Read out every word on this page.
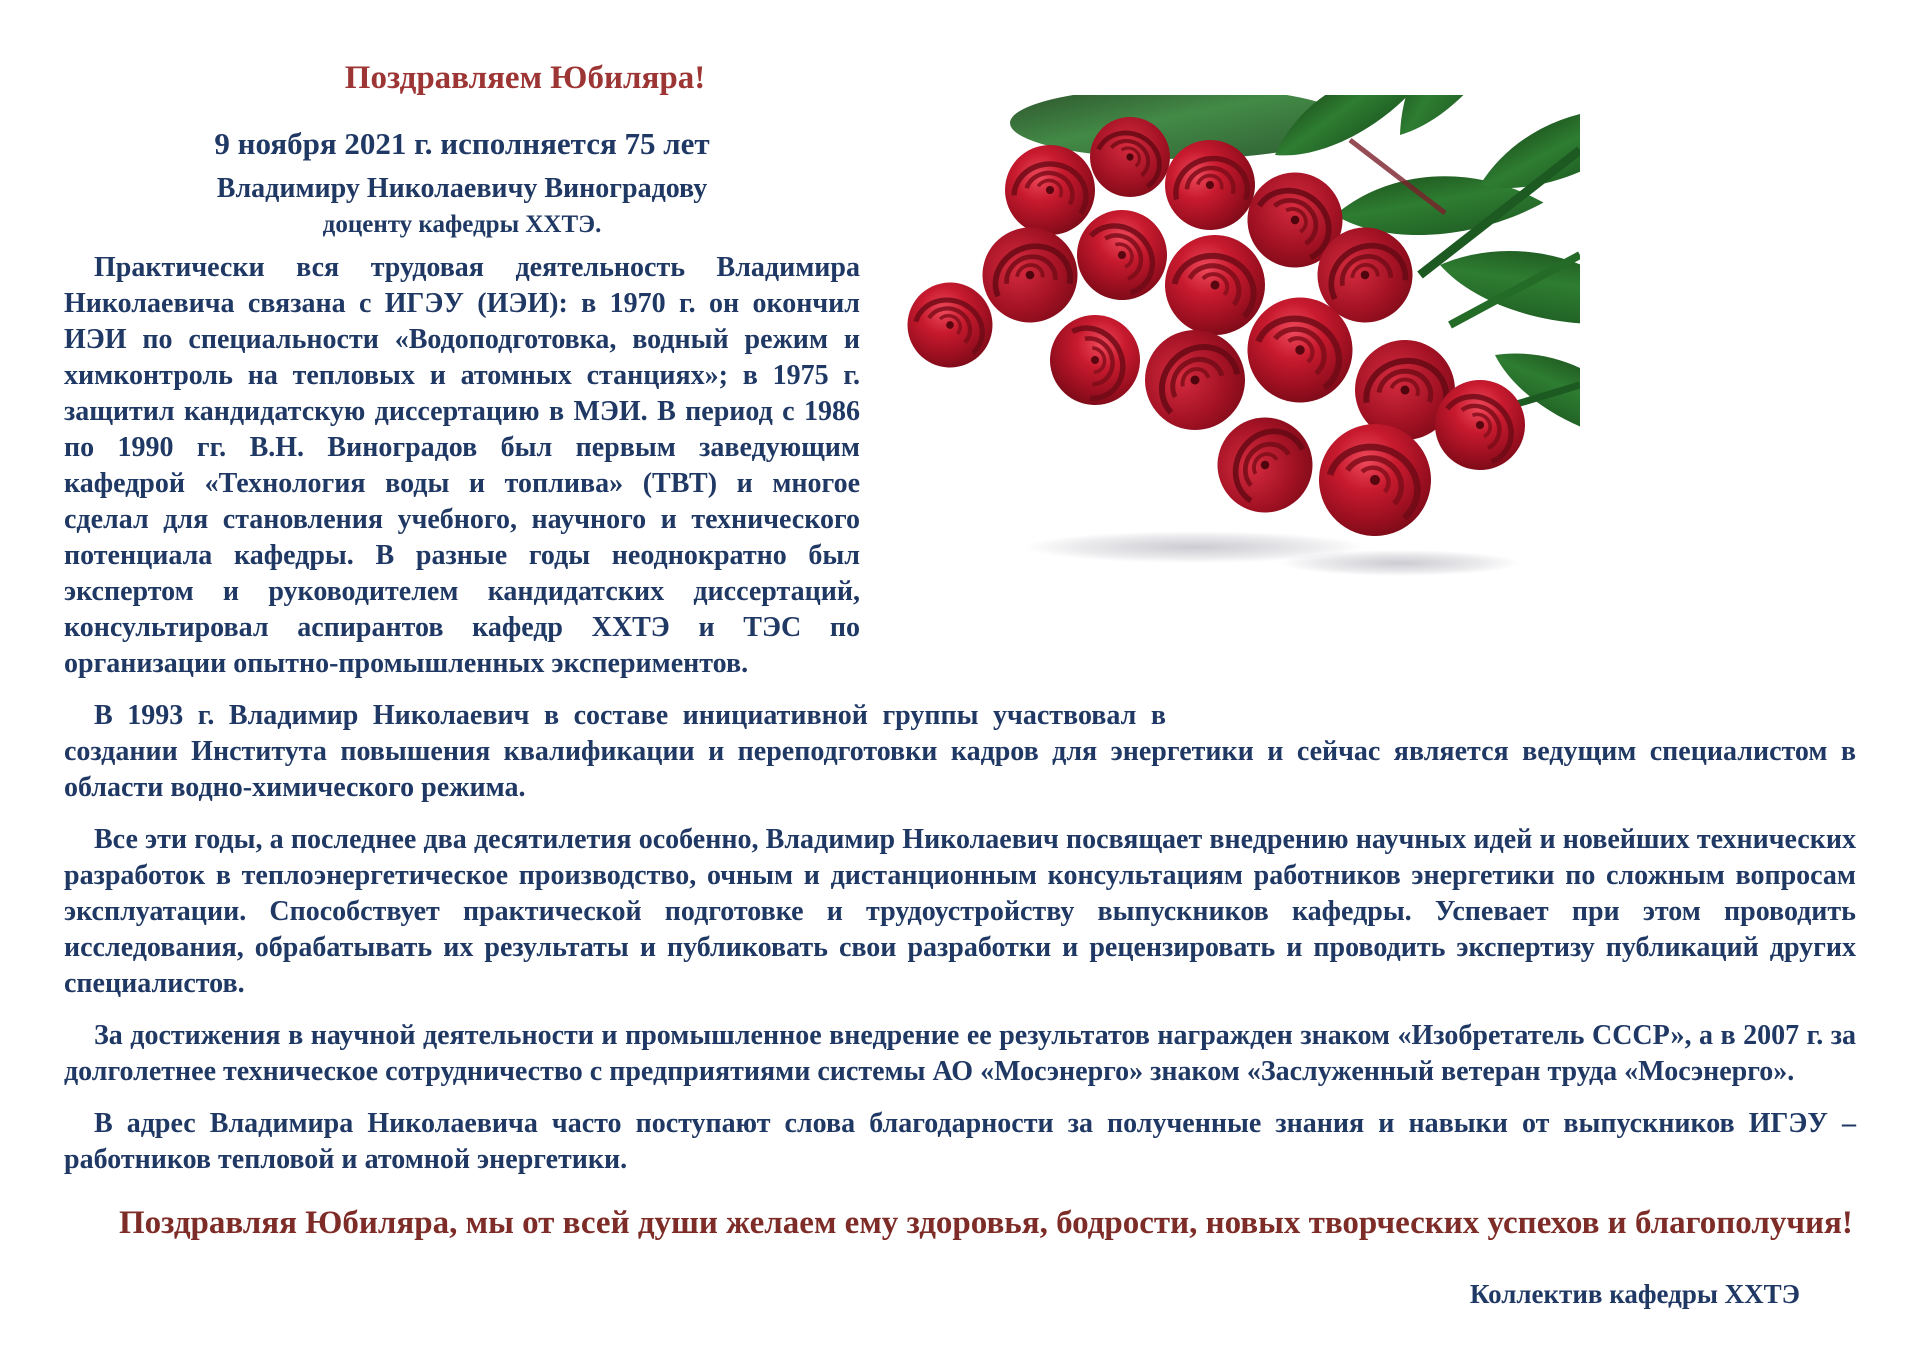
Поздравляем Юбиляра!
9 ноября 2021 г. исполняется 75 лет
Владимиру Николаевичу Виноградову
доценту кафедры ХХТЭ.

Практически вся трудовая деятельность Владимира Николаевича связана с ИГЭУ (ИЭИ): в 1970 г. он окончил ИЭИ по специальности «Водоподготовка, водный режим и химконтроль на тепловых и атомных станциях»; в 1975 г. защитил кандидатскую диссертацию в МЭИ. В период с 1986 по 1990 гг. В.Н. Виноградов был первым заведующим кафедрой «Технология воды и топлива» (ТВТ) и многое сделал для становления учебного, научного и технического потенциала кафедры. В разные годы неоднократно был экспертом и руководителем кандидатских диссертаций, консультировал аспирантов кафедр ХХТЭ и ТЭС по организации опытно-промышленных экспериментов.

В 1993 г. Владимир Николаевич в составе инициативной группы участвовал в создании Института повышения квалификации и переподготовки кадров для энергетики и сейчас является ведущим специалистом в области водно-химического режима.

Все эти годы, а последнее два десятилетия особенно, Владимир Николаевич посвящает внедрению научных идей и новейших технических разработок в теплоэнергетическое производство, очным и дистанционным консультациям работников энергетики по сложным вопросам эксплуатации. Способствует практической подготовке и трудоустройству выпускников кафедры. Успевает при этом проводить исследования, обрабатывать их результаты и публиковать свои разработки и рецензировать и проводить экспертизу публикаций других специалистов.

За достижения в научной деятельности и промышленное внедрение ее результатов награжден знаком «Изобретатель СССР», а в 2007 г. за долголетнее техническое сотрудничество с предприятиями системы АО «Мосэнерго» знаком «Заслуженный ветеран труда «Мосэнерго».

В адрес Владимира Николаевича часто поступают слова благодарности за полученные знания и навыки от выпускников ИГЭУ – работников тепловой и атомной энергетики.

Поздравляя Юбиляра, мы от всей души желаем ему здоровья, бодрости, новых творческих успехов и благополучия!

Коллектив кафедры ХХТЭ
